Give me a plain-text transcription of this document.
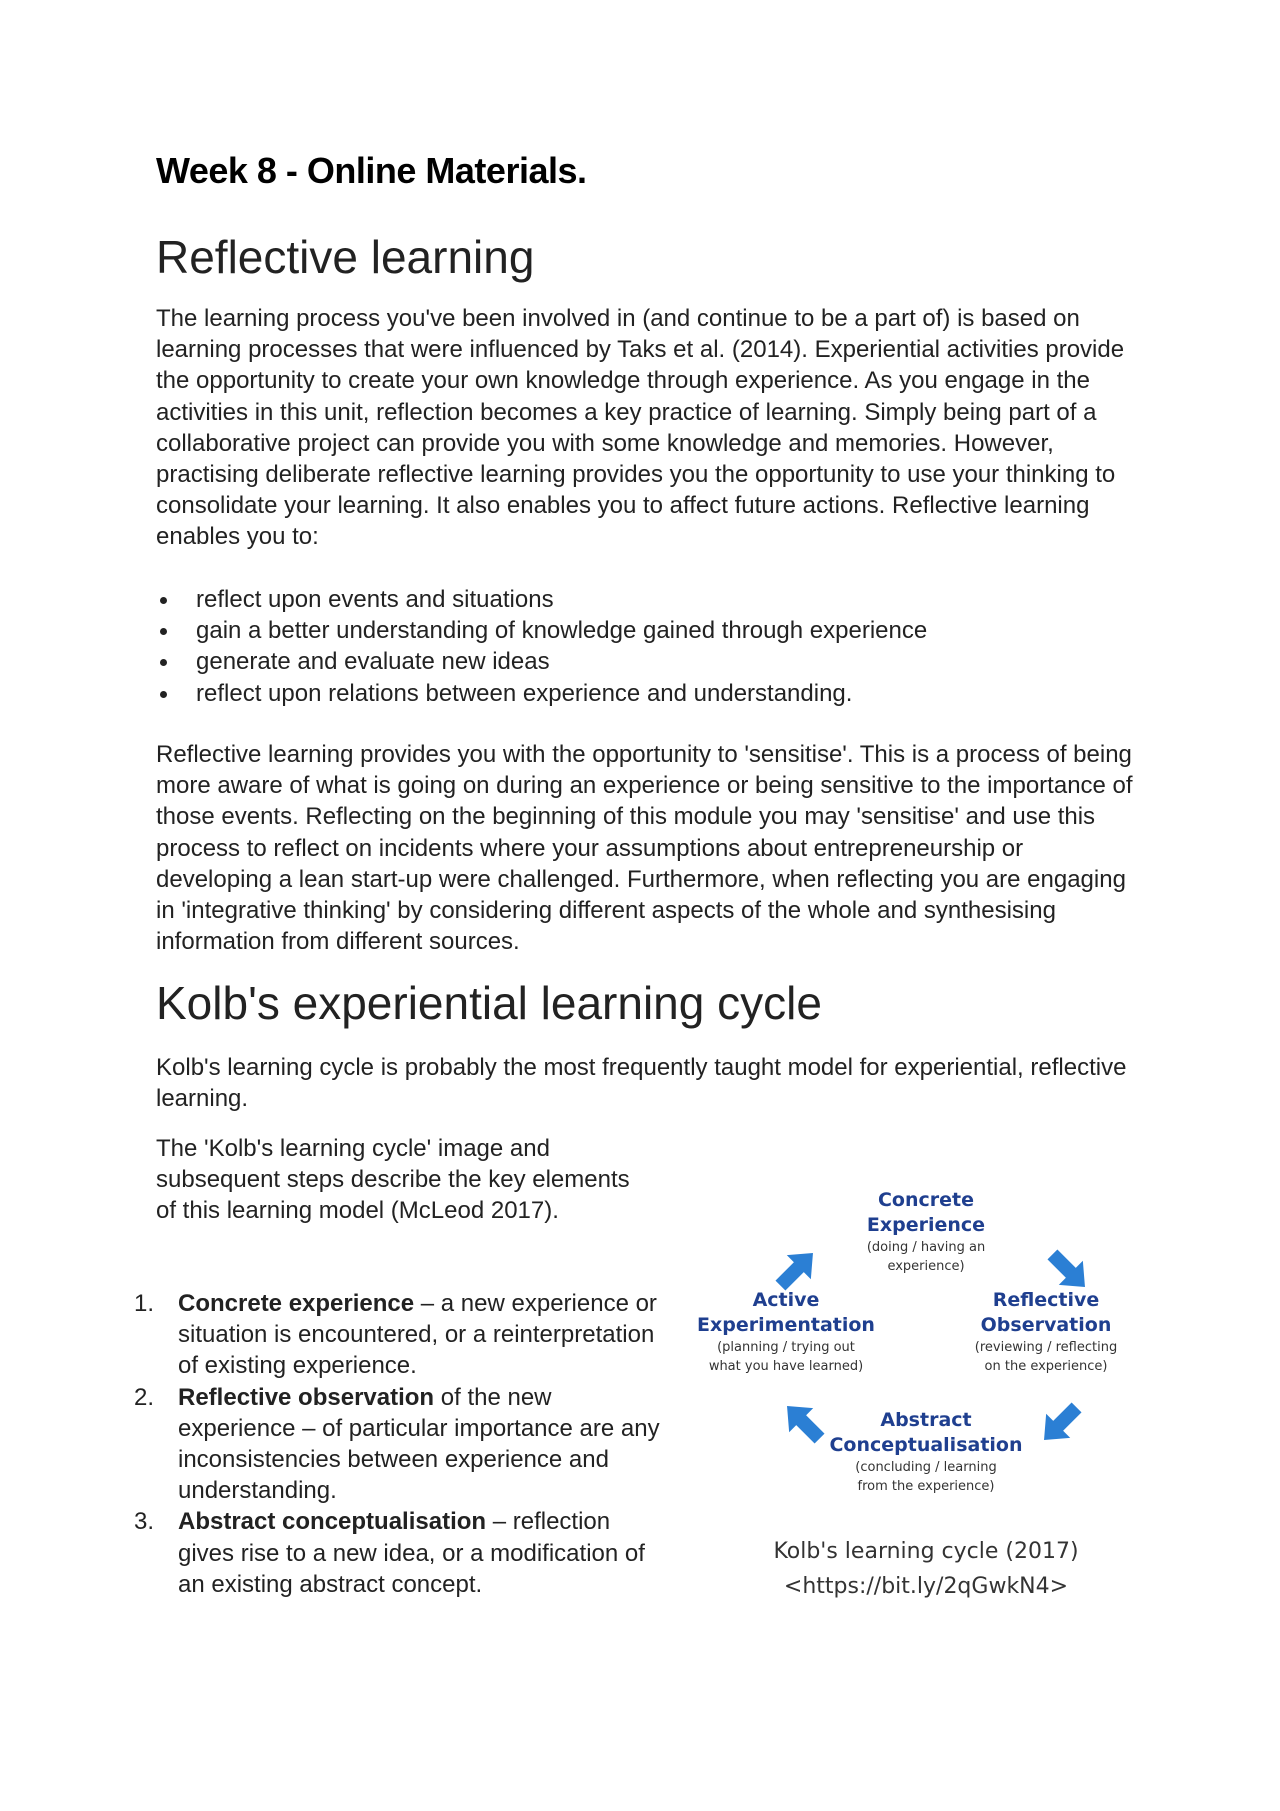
Week 8 - Online Materials.
Reflective learning

The learning process you've been involved in (and continue to be a part of) is based on learning processes that were influenced by Taks et al. (2014). Experiential activities provide the opportunity to create your own knowledge through experience. As you engage in the activities in this unit, reflection becomes a key practice of learning. Simply being part of a collaborative project can provide you with some knowledge and memories. However, practising deliberate reflective learning provides you the opportunity to use your thinking to consolidate your learning. It also enables you to affect future actions. Reflective learning enables you to:

reflect upon events and situations
gain a better understanding of knowledge gained through experience
generate and evaluate new ideas
reflect upon relations between experience and understanding.

Reflective learning provides you with the opportunity to 'sensitise'. This is a process of being more aware of what is going on during an experience or being sensitive to the importance of those events. Reflecting on the beginning of this module you may 'sensitise' and use this process to reflect on incidents where your assumptions about entrepreneurship or developing a lean start-up were challenged. Furthermore, when reflecting you are engaging in 'integrative thinking' by considering different aspects of the whole and synthesising information from different sources.

Kolb's experiential learning cycle

Kolb's learning cycle is probably the most frequently taught model for experiential, reflective learning.

The 'Kolb's learning cycle' image and subsequent steps describe the key elements of this learning model (McLeod 2017).

1. Concrete experience – a new experience or situation is encountered, or a reinterpretation of existing experience.
2. Reflective observation of the new experience – of particular importance are any inconsistencies between experience and understanding.
3. Abstract conceptualisation – reflection gives rise to a new idea, or a modification of an existing abstract concept.
Concrete
Experience
(doing / having an
experience)
Active
Experimentation
(planning / trying out
what you have learned)
Reflective
Observation
(reviewing / reflecting
on the experience)
Abstract
Conceptualisation
(concluding / learning
from the experience)
Kolb's learning cycle (2017)
<https://bit.ly/2qGwkN4>
